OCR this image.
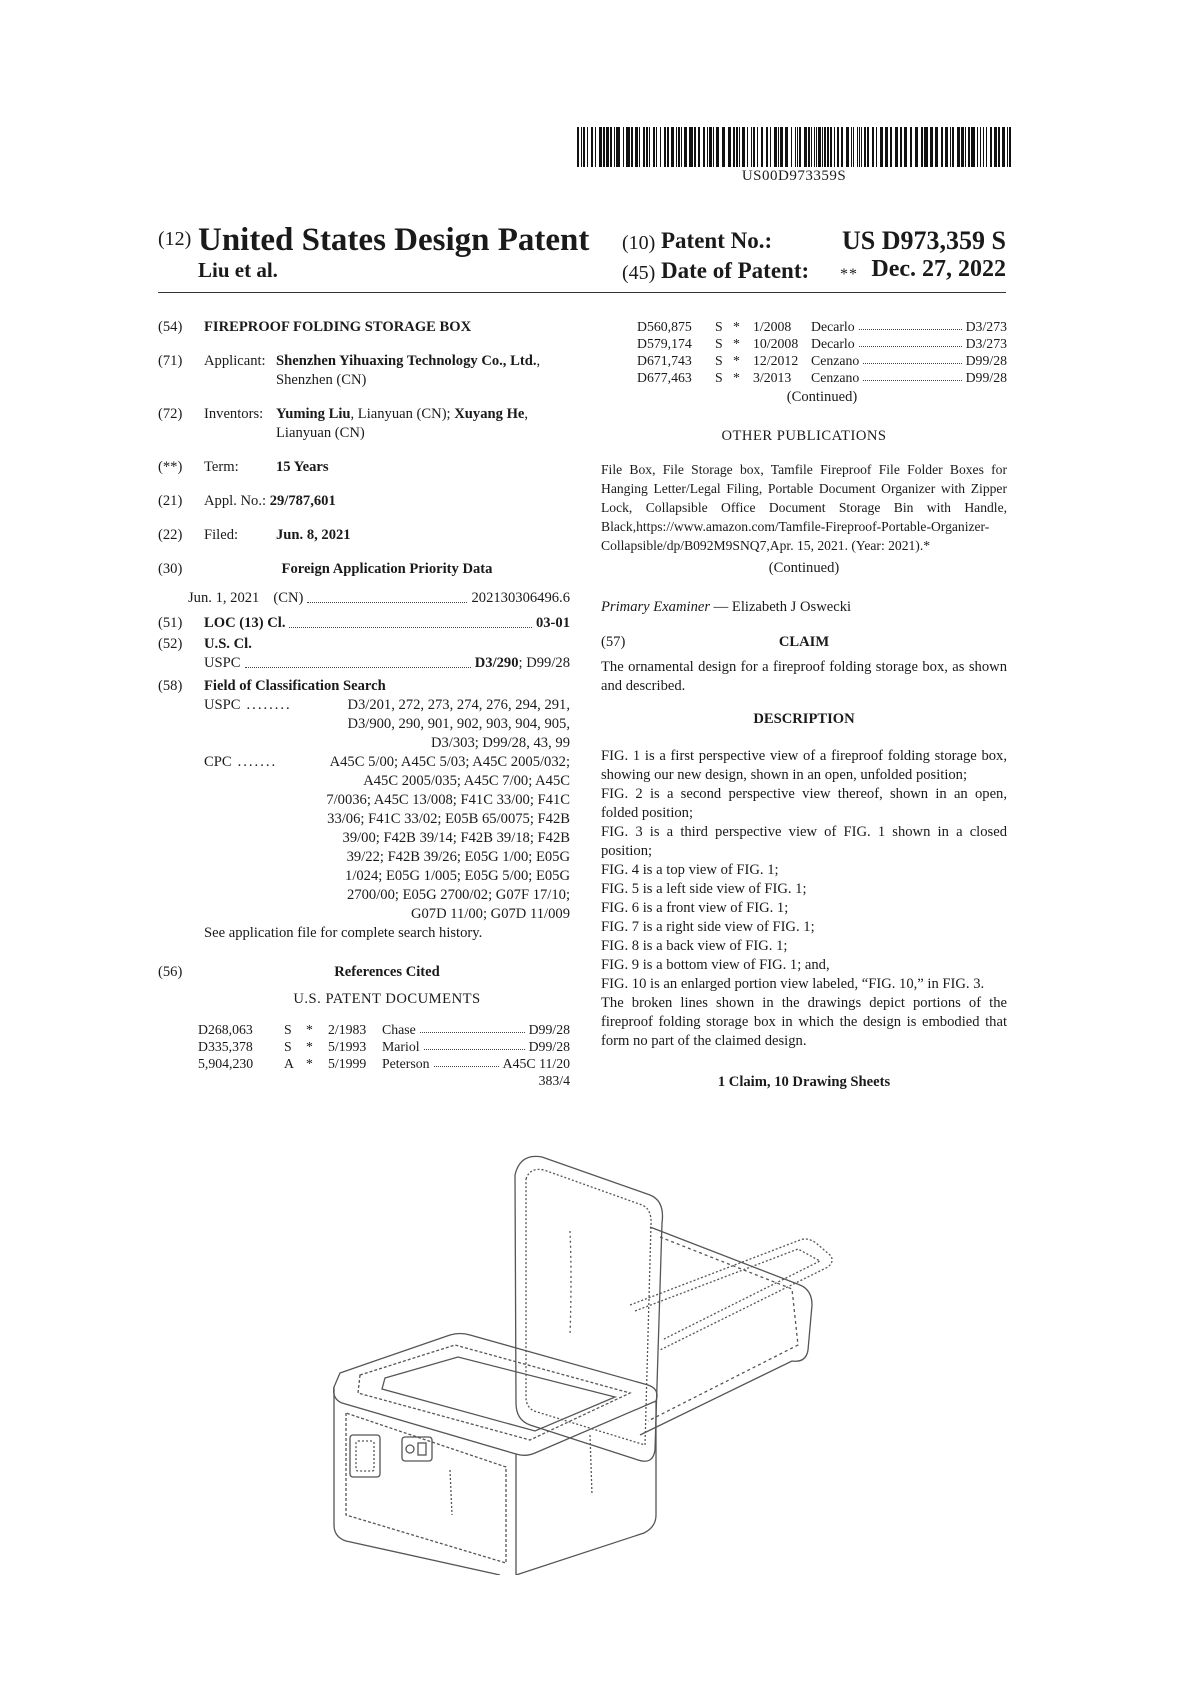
US00D973359S
(12) United States Design Patent
Liu et al.
(10) Patent No.:	US D973,359 S
(45) Date of Patent: ** Dec. 27, 2022
(54)	FIREPROOF FOLDING STORAGE BOX
(71)	Applicant: Shenzhen Yihuaxing Technology Co., Ltd., Shenzhen (CN)
(72)	Inventors: Yuming Liu, Lianyuan (CN); Xuyang He, Lianyuan (CN)
(**)	Term:	15 Years
(21)	Appl. No.: 29/787,601
(22)	Filed:	Jun. 8, 2021
(30)	Foreign Application Priority Data
Jun. 1, 2021 (CN)	202130306496.6
(51)	LOC (13) Cl.	03-01
(52)	U.S. Cl.
USPC	D3/290 ; D99/28
(58)	Field of Classification Search
USPC ........	D3/201, 272, 273, 274, 276, 294, 291,
D3/900, 290, 901, 902, 903, 904, 905,
D3/303; D99/28, 43, 99
CPC .......	A45C 5/00; A45C 5/03; A45C 2005/032;
A45C 2005/035; A45C 7/00; A45C
7/0036; A45C 13/008; F41C 33/00; F41C
33/06; F41C 33/02; E05B 65/0075; F42B
39/00; F42B 39/14; F42B 39/18; F42B
39/22; F42B 39/26; E05G 1/00; E05G
1/024; E05G 1/005; E05G 5/00; E05G
2700/00; E05G 2700/02; G07F 17/10;
G07D 11/00; G07D 11/009
See application file for complete search history.
(56)	References Cited
U.S. PATENT DOCUMENTS
D268,063	S	*	2/1983	Chase	D99/28
D335,378	S	*	5/1993	Mariol	D99/28
5,904,230	A *	5/1999	Peterson	A45C 11/20
383/4
D560,875	S * 1/2008	Decarlo	D3/273
D579,174	S * 10/2008 Decarlo	D3/273
D671,743	S * 12/2012 Cenzano	D99/28
D677,463	S * 3/2013	Cenzano	D99/28
(Continued)
OTHER PUBLICATIONS
File Box, File Storage box, Tamfile Fireproof File Folder Boxes for Hanging Letter/Legal Filing, Portable Document Organizer with Zipper Lock, Collapsible Office Document Storage Bin with Handle, Black,https://www.amazon.com/Tamfile-Fireproof-Portable-Organizer-Collapsible/dp/B092M9SNQ7,Apr. 15, 2021. (Year: 2021).*
(Continued)
Primary Examiner — Elizabeth J Oswecki
(57)	CLAIM
The ornamental design for a fireproof folding storage box, as shown and described.
DESCRIPTION

FIG. 1 is a first perspective view of a fireproof folding storage box, showing our new design, shown in an open, unfolded position;

FIG. 2 is a second perspective view thereof, shown in an open, folded position;

FIG. 3 is a third perspective view of FIG. 1 shown in a closed position;

FIG. 4 is a top view of FIG. 1;

FIG. 5 is a left side view of FIG. 1;

FIG. 6 is a front view of FIG. 1;

FIG. 7 is a right side view of FIG. 1;

FIG. 8 is a back view of FIG. 1;

FIG. 9 is a bottom view of FIG. 1; and,

FIG. 10 is an enlarged portion view labeled, “FIG. 10,” in FIG. 3.

The broken lines shown in the drawings depict portions of the fireproof folding storage box in which the design is embodied that form no part of the claimed design.

1 Claim, 10 Drawing Sheets
